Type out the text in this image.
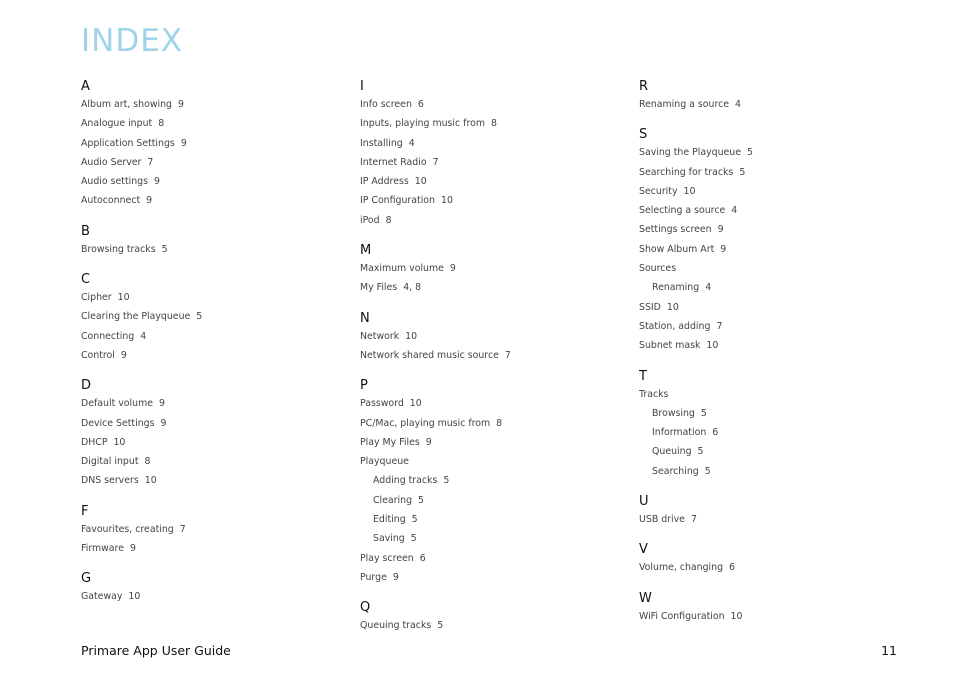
INDEX
A
Album art, showing 9
Analogue input 8
Application Settings 9
Audio Server 7
Audio settings 9
Autoconnect 9
B
Browsing tracks 5
C
Cipher 10
Clearing the Playqueue 5
Connecting 4
Control 9
D
Default volume 9
Device Settings 9
DHCP 10
Digital input 8
DNS servers 10
F
Favourites, creating 7
Firmware 9
G
Gateway 10
I
Info screen 6
Inputs, playing music from 8
Installing 4
Internet Radio 7
IP Address 10
IP Configuration 10
iPod 8
M
Maximum volume 9
My Files 4, 8
N
Network 10
Network shared music source 7
P
Password 10
PC/Mac, playing music from 8
Play My Files 9
Playqueue
Adding tracks 5
Clearing 5
Editing 5
Saving 5
Play screen 6
Purge 9
Q
Queuing tracks 5
R
Renaming a source 4
S
Saving the Playqueue 5
Searching for tracks 5
Security 10
Selecting a source 4
Settings screen 9
Show Album Art 9
Sources
Renaming 4
SSID 10
Station, adding 7
Subnet mask 10
T
Tracks
Browsing 5
Information 6
Queuing 5
Searching 5
U
USB drive 7
V
Volume, changing 6
W
WiFi Configuration 10
Primare App User Guide	11
